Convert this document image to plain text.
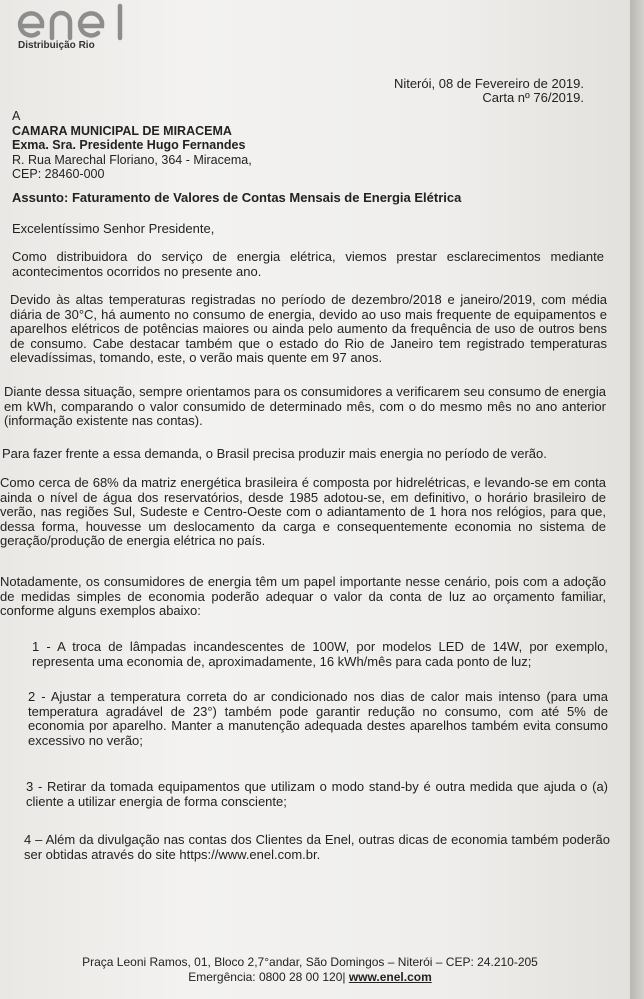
Distribuição Rio
Niterói, 08 de Fevereiro de 2019.
Carta nº 76/2019.
A
CAMARA MUNICIPAL DE MIRACEMA
Exma. Sra. Presidente Hugo Fernandes
R. Rua Marechal Floriano, 364 - Miracema,
CEP: 28460-000
Assunto: Faturamento de Valores de Contas Mensais de Energia Elétrica
Excelentíssimo Senhor Presidente,
Como distribuidora do serviço de energia elétrica, viemos prestar esclarecimentos mediante acontecimentos ocorridos no presente ano.
Devido às altas temperaturas registradas no período de dezembro/2018 e janeiro/2019, com média diária de 30°C, há aumento no consumo de energia, devido ao uso mais frequente de equipamentos e aparelhos elétricos de potências maiores ou ainda pelo aumento da frequência de uso de outros bens de consumo. Cabe destacar também que o estado do Rio de Janeiro tem registrado temperaturas elevadíssimas, tomando, este, o verão mais quente em 97 anos.
Diante dessa situação, sempre orientamos para os consumidores a verificarem seu consumo de energia em kWh, comparando o valor consumido de determinado mês, com o do mesmo mês no ano anterior (informação existente nas contas).
Para fazer frente a essa demanda, o Brasil precisa produzir mais energia no período de verão.
Como cerca de 68% da matriz energética brasileira é composta por hidrelétricas, e levando-se em conta ainda o nível de água dos reservatórios, desde 1985 adotou-se, em definitivo, o horário brasileiro de verão, nas regiões Sul, Sudeste e Centro-Oeste com o adiantamento de 1 hora nos relógios, para que, dessa forma, houvesse um deslocamento da carga e consequentemente economia no sistema de geração/produção de energia elétrica no país.
Notadamente, os consumidores de energia têm um papel importante nesse cenário, pois com a adoção de medidas simples de economia poderão adequar o valor da conta de luz ao orçamento familiar, conforme alguns exemplos abaixo:
1 - A troca de lâmpadas incandescentes de 100W, por modelos LED de 14W, por exemplo, representa uma economia de, aproximadamente, 16 kWh/mês para cada ponto de luz;
2 - Ajustar a temperatura correta do ar condicionado nos dias de calor mais intenso (para uma temperatura agradável de 23°) também pode garantir redução no consumo, com até 5% de economia por aparelho. Manter a manutenção adequada destes aparelhos também evita consumo excessivo no verão;
3 - Retirar da tomada equipamentos que utilizam o modo stand-by é outra medida que ajuda o (a) cliente a utilizar energia de forma consciente;
4 – Além da divulgação nas contas dos Clientes da Enel, outras dicas de economia também poderão ser obtidas através do site https://www.enel.com.br.
Praça Leoni Ramos, 01, Bloco 2,7°andar, São Domingos – Niterói – CEP: 24.210-205
Emergência: 0800 28 00 120| www.enel.com
